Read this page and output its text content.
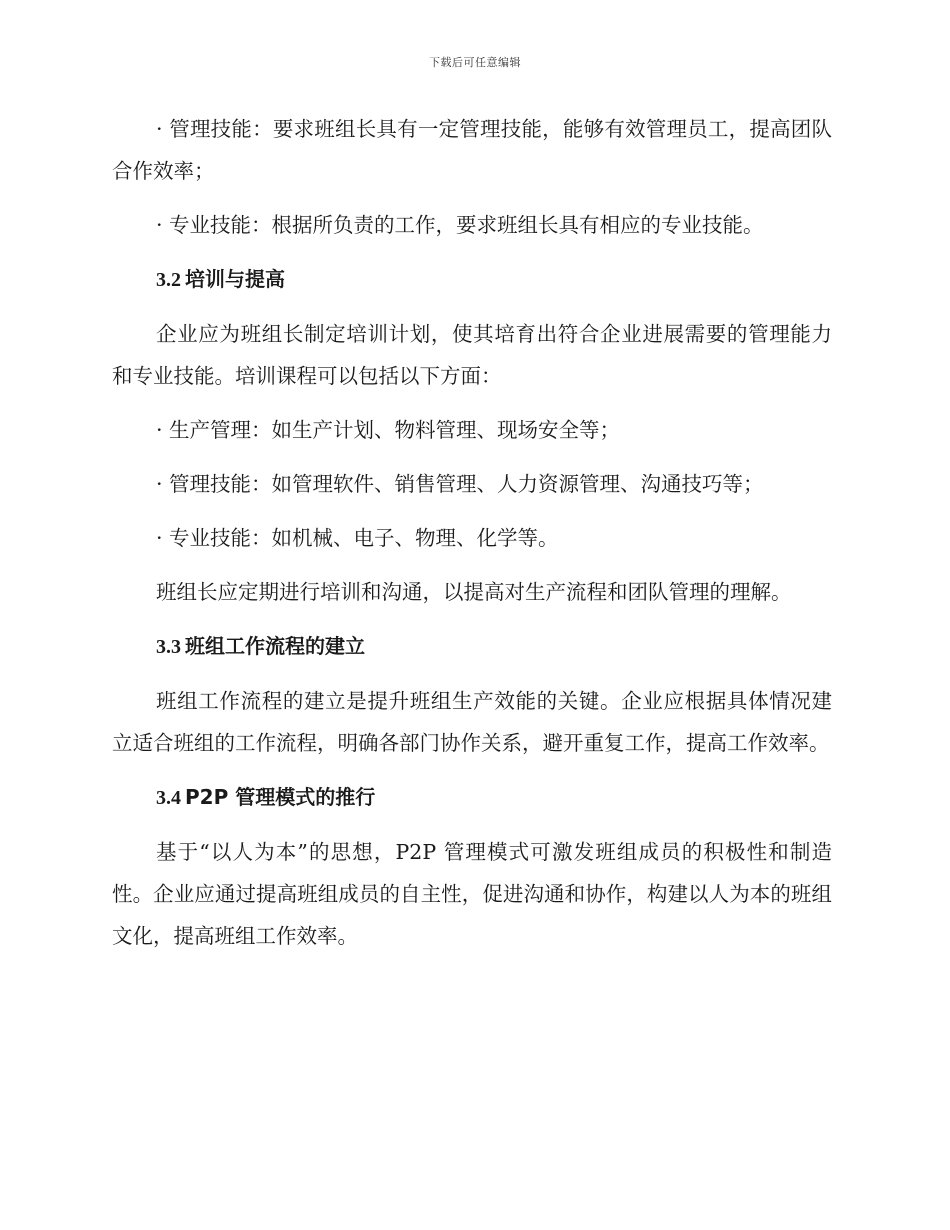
下载后可任意编辑

· 管理技能：要求班组长具有一定管理技能，能够有效管理员工，提高团队合作效率；

· 专业技能：根据所负责的工作，要求班组长具有相应的专业技能。

3.2 培训与提高

企业应为班组长制定培训计划，使其培育出符合企业进展需要的管理能力和专业技能。培训课程可以包括以下方面：

· 生产管理：如生产计划、物料管理、现场安全等；

· 管理技能：如管理软件、销售管理、人力资源管理、沟通技巧等；

· 专业技能：如机械、电子、物理、化学等。

班组长应定期进行培训和沟通，以提高对生产流程和团队管理的理解。

3.3 班组工作流程的建立

班组工作流程的建立是提升班组生产效能的关键。企业应根据具体情况建立适合班组的工作流程，明确各部门协作关系，避开重复工作，提高工作效率。

3.4 P2P 管理模式的推行

基于“以人为本”的思想，P2P 管理模式可激发班组成员的积极性和制造性。企业应通过提高班组成员的自主性，促进沟通和协作，构建以人为本的班组文化，提高班组工作效率。
